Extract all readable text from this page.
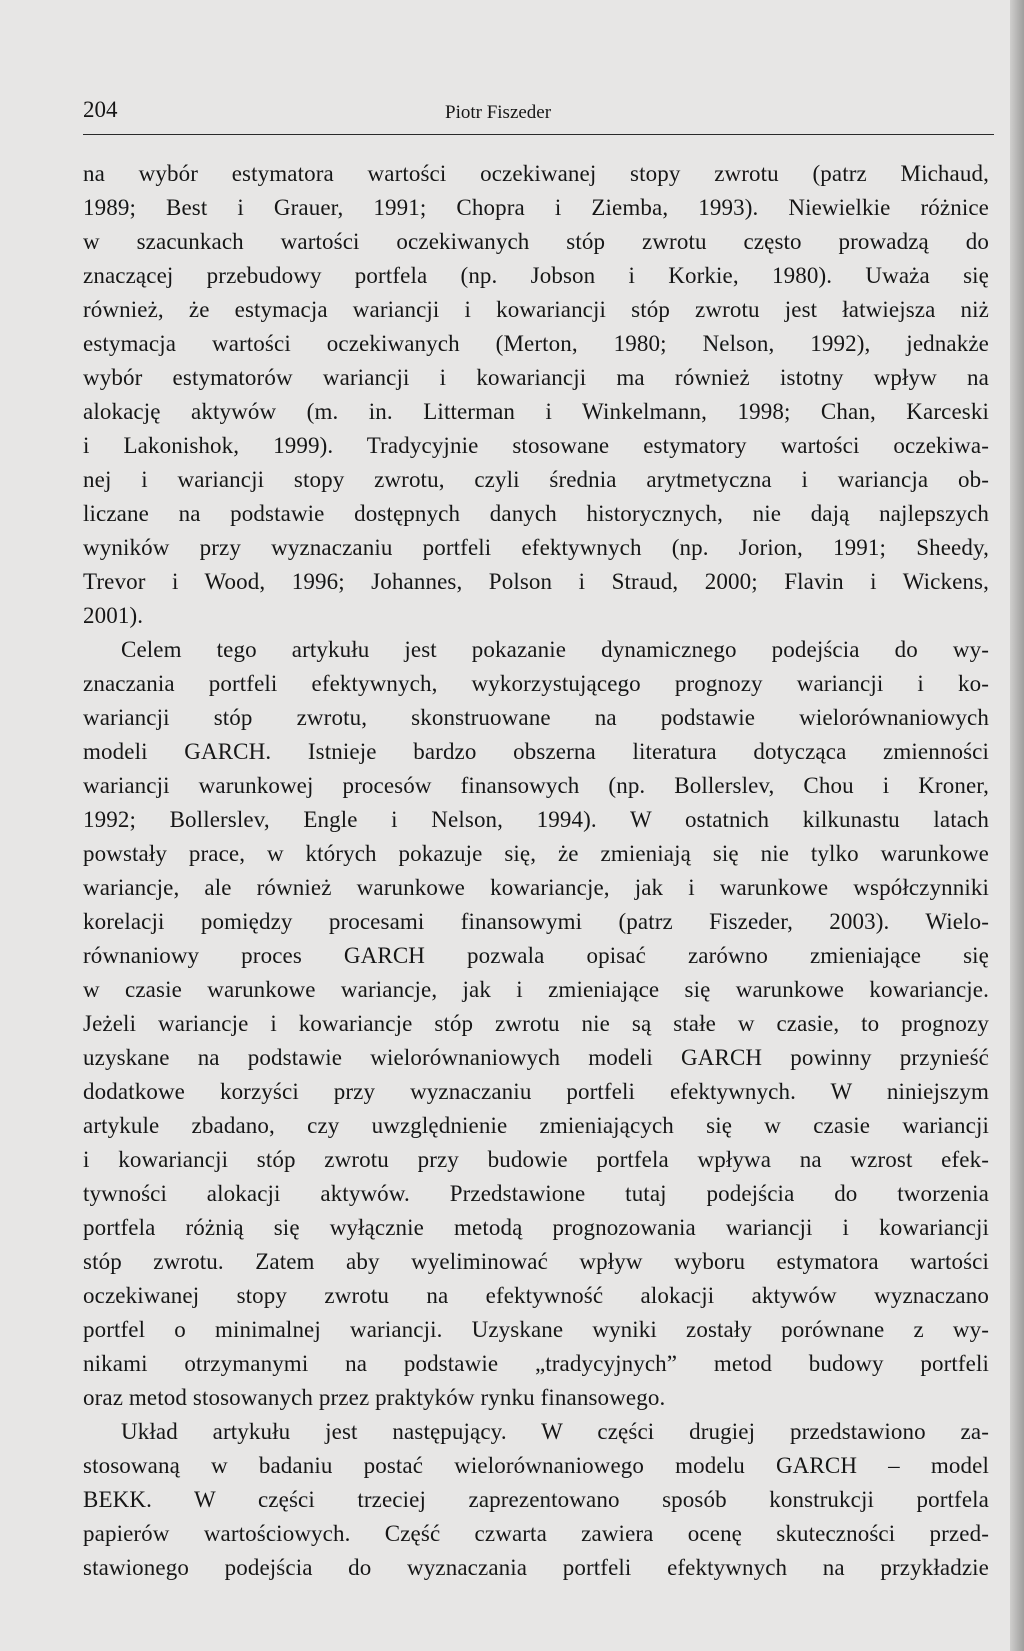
204	Piotr Fiszeder
na wybór estymatora wartości oczekiwanej stopy zwrotu (patrz Michaud,
1989; Best i Grauer, 1991; Chopra i Ziemba, 1993). Niewielkie różnice
w szacunkach wartości oczekiwanych stóp zwrotu często prowadzą do
znaczącej przebudowy portfela (np. Jobson i Korkie, 1980). Uważa się
również, że estymacja wariancji i kowariancji stóp zwrotu jest łatwiejsza niż
estymacja wartości oczekiwanych (Merton, 1980; Nelson, 1992), jednakże
wybór estymatorów wariancji i kowariancji ma również istotny wpływ na
alokację aktywów (m. in. Litterman i Winkelmann, 1998; Chan, Karceski
i Lakonishok, 1999). Tradycyjnie stosowane estymatory wartości oczekiwa-
nej i wariancji stopy zwrotu, czyli średnia arytmetyczna i wariancja ob-
liczane na podstawie dostępnych danych historycznych, nie dają najlepszych
wyników przy wyznaczaniu portfeli efektywnych (np. Jorion, 1991; Sheedy,
Trevor i Wood, 1996; Johannes, Polson i Straud, 2000; Flavin i Wickens,
2001).
Celem tego artykułu jest pokazanie dynamicznego podejścia do wy-
znaczania portfeli efektywnych, wykorzystującego prognozy wariancji i ko-
wariancji stóp zwrotu, skonstruowane na podstawie wielorównaniowych
modeli GARCH. Istnieje bardzo obszerna literatura dotycząca zmienności
wariancji warunkowej procesów finansowych (np. Bollerslev, Chou i Kroner,
1992; Bollerslev, Engle i Nelson, 1994). W ostatnich kilkunastu latach
powstały prace, w których pokazuje się, że zmieniają się nie tylko warunkowe
wariancje, ale również warunkowe kowariancje, jak i warunkowe współczynniki
korelacji pomiędzy procesami finansowymi (patrz Fiszeder, 2003). Wielo-
równaniowy proces GARCH pozwala opisać zarówno zmieniające się
w czasie warunkowe wariancje, jak i zmieniające się warunkowe kowariancje.
Jeżeli wariancje i kowariancje stóp zwrotu nie są stałe w czasie, to prognozy
uzyskane na podstawie wielorównaniowych modeli GARCH powinny przynieść
dodatkowe korzyści przy wyznaczaniu portfeli efektywnych. W niniejszym
artykule zbadano, czy uwzględnienie zmieniających się w czasie wariancji
i kowariancji stóp zwrotu przy budowie portfela wpływa na wzrost efek-
tywności alokacji aktywów. Przedstawione tutaj podejścia do tworzenia
portfela różnią się wyłącznie metodą prognozowania wariancji i kowariancji
stóp zwrotu. Zatem aby wyeliminować wpływ wyboru estymatora wartości
oczekiwanej stopy zwrotu na efektywność alokacji aktywów wyznaczano
portfel o minimalnej wariancji. Uzyskane wyniki zostały porównane z wy-
nikami otrzymanymi na podstawie „tradycyjnych” metod budowy portfeli
oraz metod stosowanych przez praktyków rynku finansowego.
Układ artykułu jest następujący. W części drugiej przedstawiono za-
stosowaną w badaniu postać wielorównaniowego modelu GARCH – model
BEKK. W części trzeciej zaprezentowano sposób konstrukcji portfela
papierów wartościowych. Część czwarta zawiera ocenę skuteczności przed-
stawionego podejścia do wyznaczania portfeli efektywnych na przykładzie
